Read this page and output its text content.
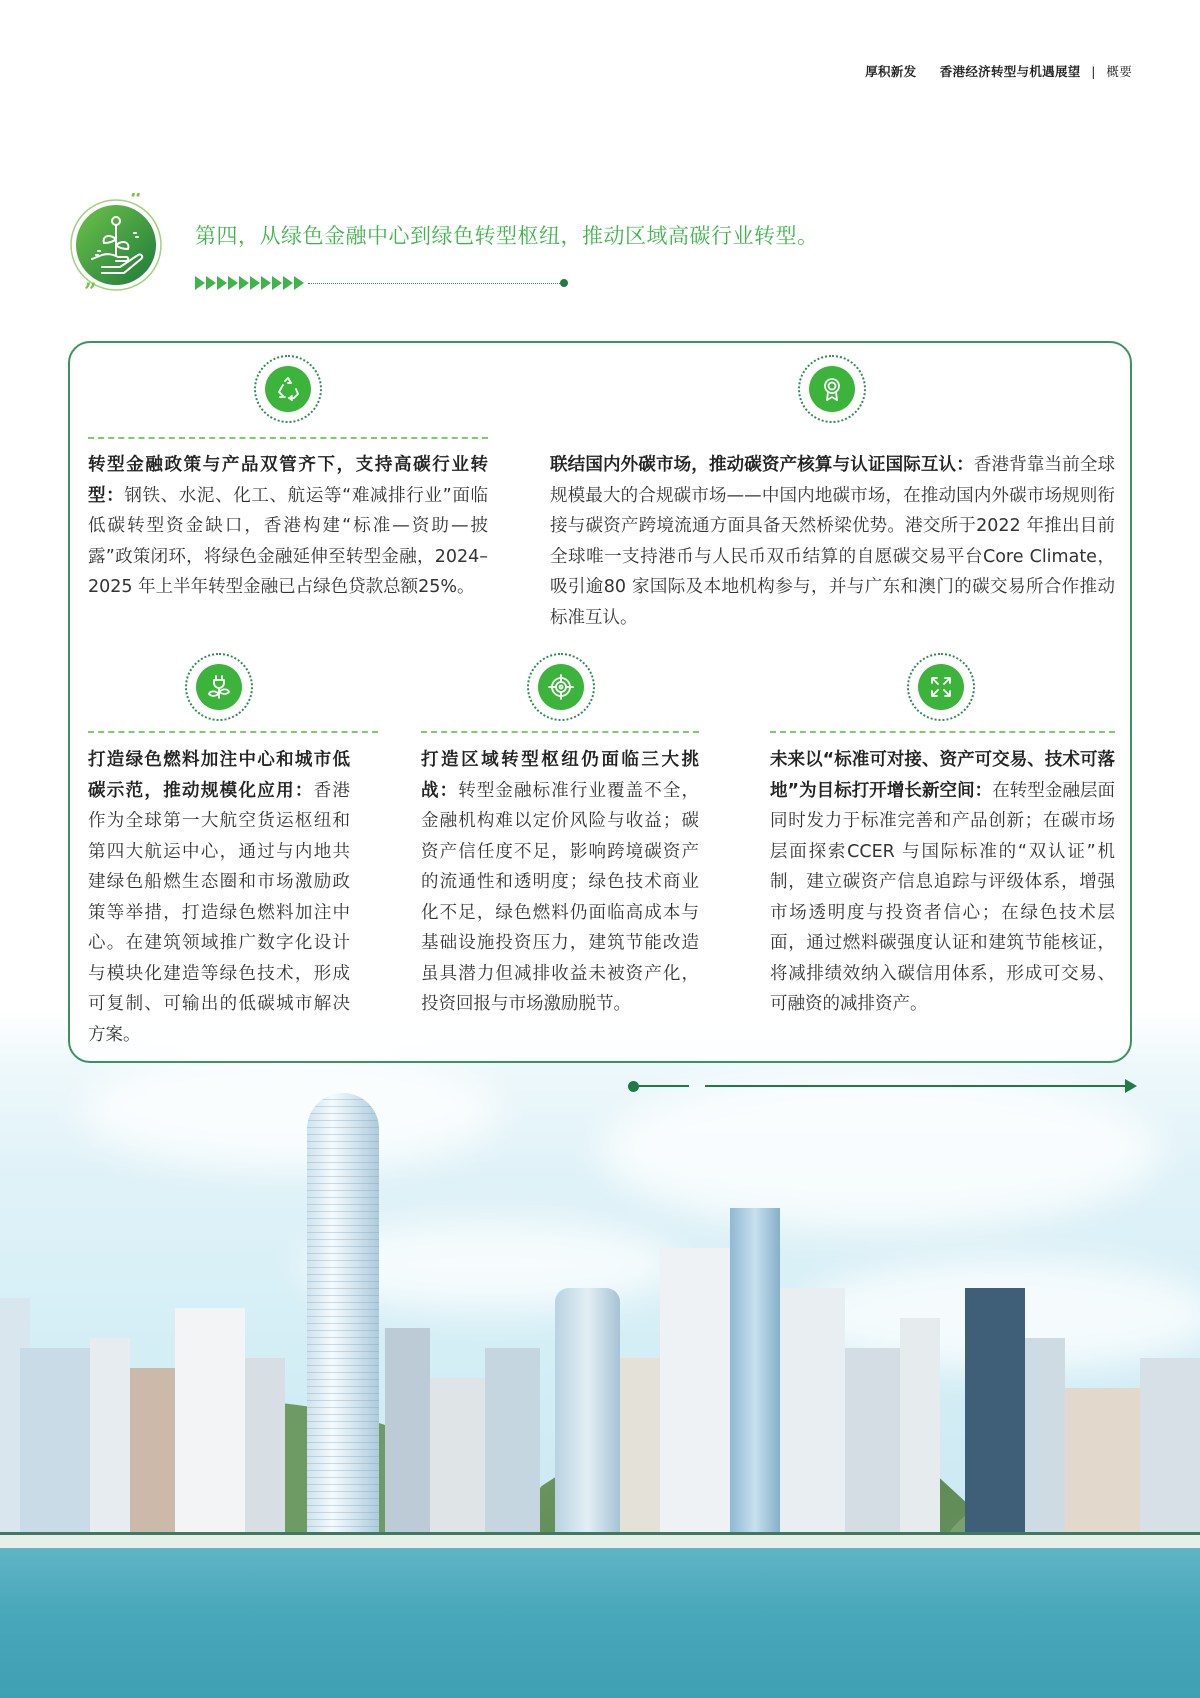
厚积新发 香港经济转型与机遇展望 | 概要
“
”
第四，从绿色金融中心到绿色转型枢纽，推动区域高碳行业转型。
转型金融政策与产品双管齐下，支持高碳行业转型：钢铁、水泥、化工、航运等“难减排行业”面临低碳转型资金缺口，香港构建“标准—资助—披露”政策闭环，将绿色金融延伸至转型金融，2024–2025 年上半年转型金融已占绿色贷款总额25%。
联结国内外碳市场，推动碳资产核算与认证国际互认：香港背靠当前全球规模最大的合规碳市场——中国内地碳市场，在推动国内外碳市场规则衔接与碳资产跨境流通方面具备天然桥梁优势。港交所于2022 年推出目前全球唯一支持港币与人民币双币结算的自愿碳交易平台Core Climate，吸引逾80 家国际及本地机构参与，并与广东和澳门的碳交易所合作推动标准互认。
打造绿色燃料加注中心和城市低碳示范，推动规模化应用：香港作为全球第一大航空货运枢纽和第四大航运中心，通过与内地共建绿色船燃生态圈和市场激励政策等举措，打造绿色燃料加注中心。在建筑领域推广数字化设计与模块化建造等绿色技术，形成可复制、可输出的低碳城市解决方案。
打造区域转型枢纽仍面临三大挑战：转型金融标准行业覆盖不全，金融机构难以定价风险与收益；碳资产信任度不足，影响跨境碳资产的流通性和透明度；绿色技术商业化不足，绿色燃料仍面临高成本与基础设施投资压力，建筑节能改造虽具潜力但减排收益未被资产化，投资回报与市场激励脱节。
未来以“标准可对接、资产可交易、技术可落地”为目标打开增长新空间：在转型金融层面同时发力于标准完善和产品创新；在碳市场层面探索CCER 与国际标准的“双认证”机制，建立碳资产信息追踪与评级体系，增强市场透明度与投资者信心；在绿色技术层面，通过燃料碳强度认证和建筑节能核证，将减排绩效纳入碳信用体系，形成可交易、可融资的减排资产。
